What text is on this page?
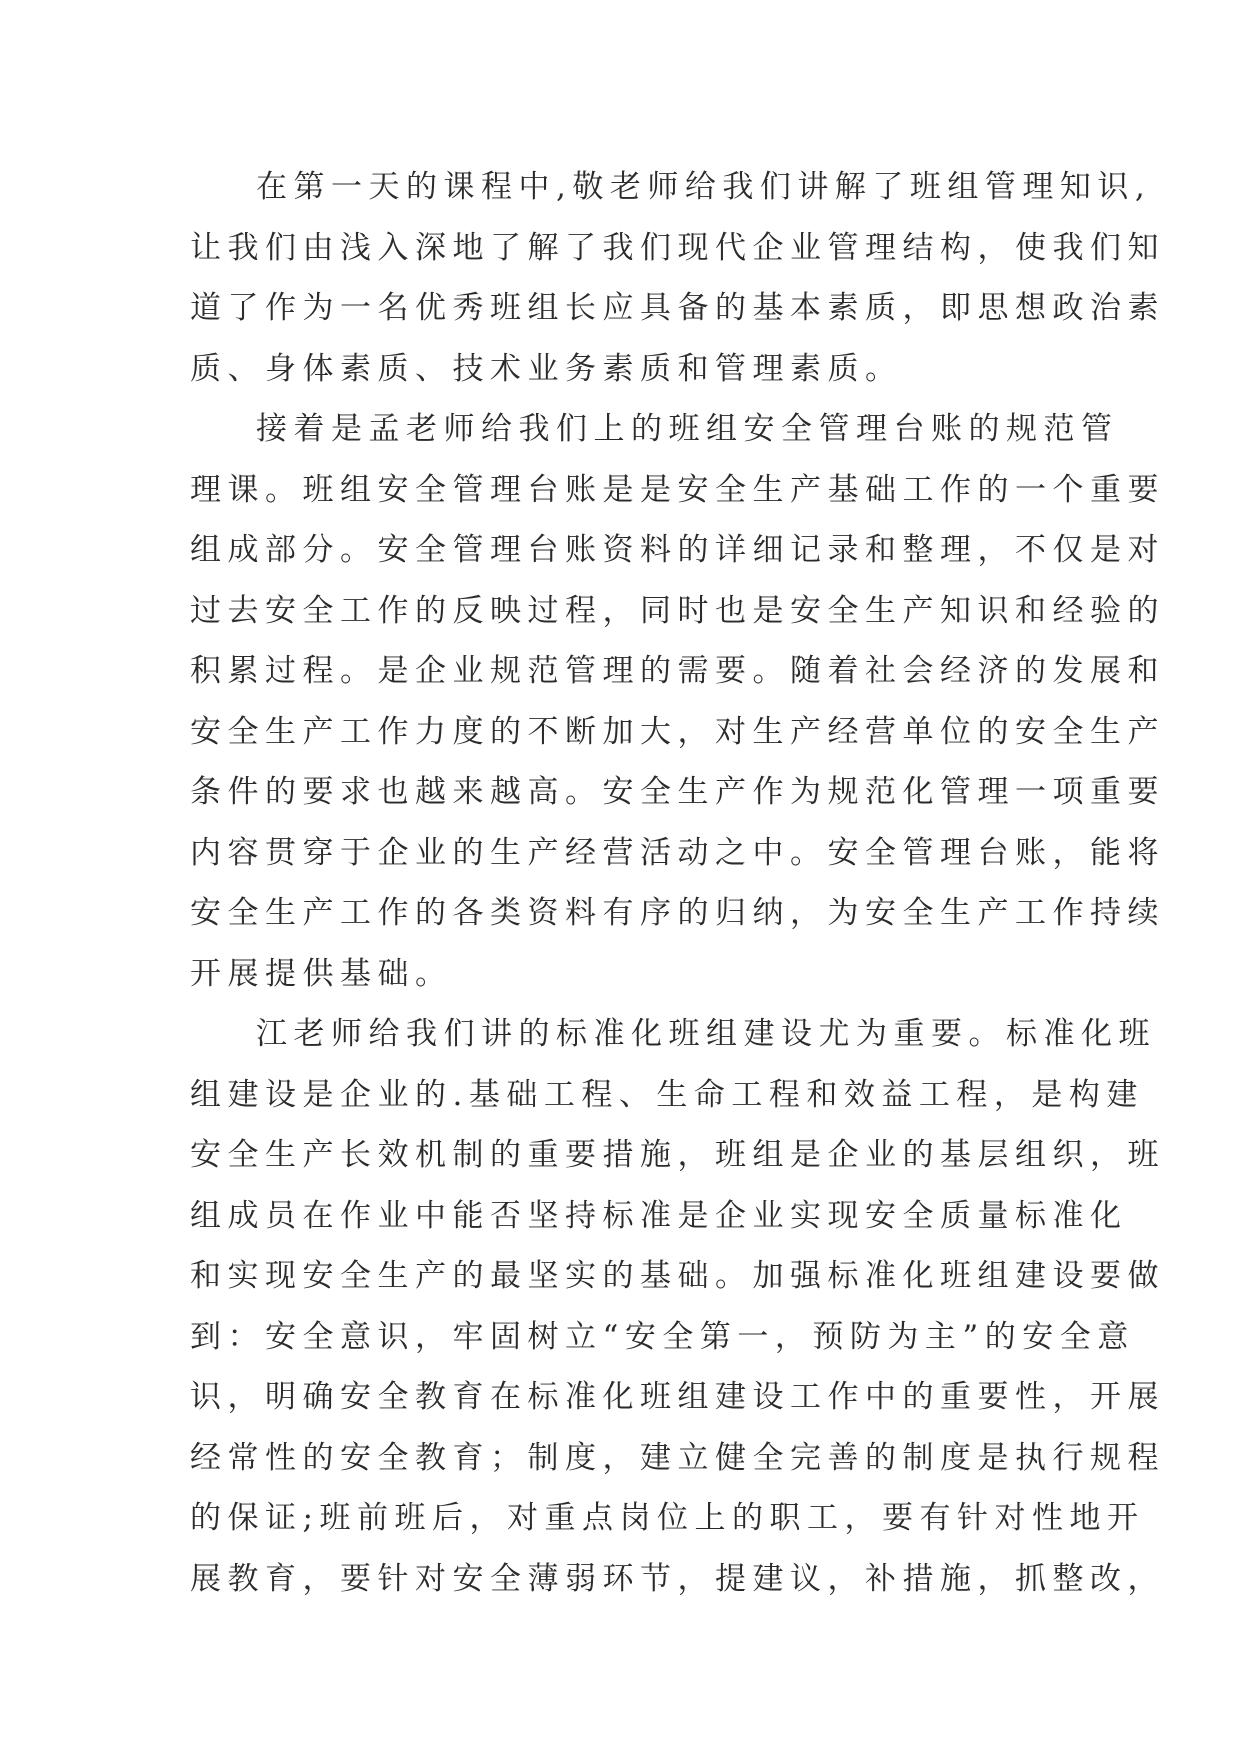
在第一天的课程中,敬老师给我们讲解了班组管理知识,
让我们由浅入深地了解了我们现代企业管理结构，使我们知
道了作为一名优秀班组长应具备的基本素质，即思想政治素
质、身体素质、技术业务素质和管理素质。
接着是孟老师给我们上的班组安全管理台账的规范管
理课。班组安全管理台账是是安全生产基础工作的一个重要
组成部分。安全管理台账资料的详细记录和整理，不仅是对
过去安全工作的反映过程，同时也是安全生产知识和经验的
积累过程。是企业规范管理的需要。随着社会经济的发展和
安全生产工作力度的不断加大，对生产经营单位的安全生产
条件的要求也越来越高。安全生产作为规范化管理一项重要
内容贯穿于企业的生产经营活动之中。安全管理台账，能将
安全生产工作的各类资料有序的归纳，为安全生产工作持续
开展提供基础。
江老师给我们讲的标准化班组建设尤为重要。标准化班
组建设是企业的.基础工程、生命工程和效益工程，是构建
安全生产长效机制的重要措施，班组是企业的基层组织，班
组成员在作业中能否坚持标准是企业实现安全质量标准化
和实现安全生产的最坚实的基础。加强标准化班组建设要做
到：安全意识，牢固树立“安全第一，预防为主”的安全意
识，明确安全教育在标准化班组建设工作中的重要性，开展
经常性的安全教育；制度，建立健全完善的制度是执行规程
的保证;班前班后，对重点岗位上的职工，要有针对性地开
展教育，要针对安全薄弱环节，提建议，补措施，抓整改，
